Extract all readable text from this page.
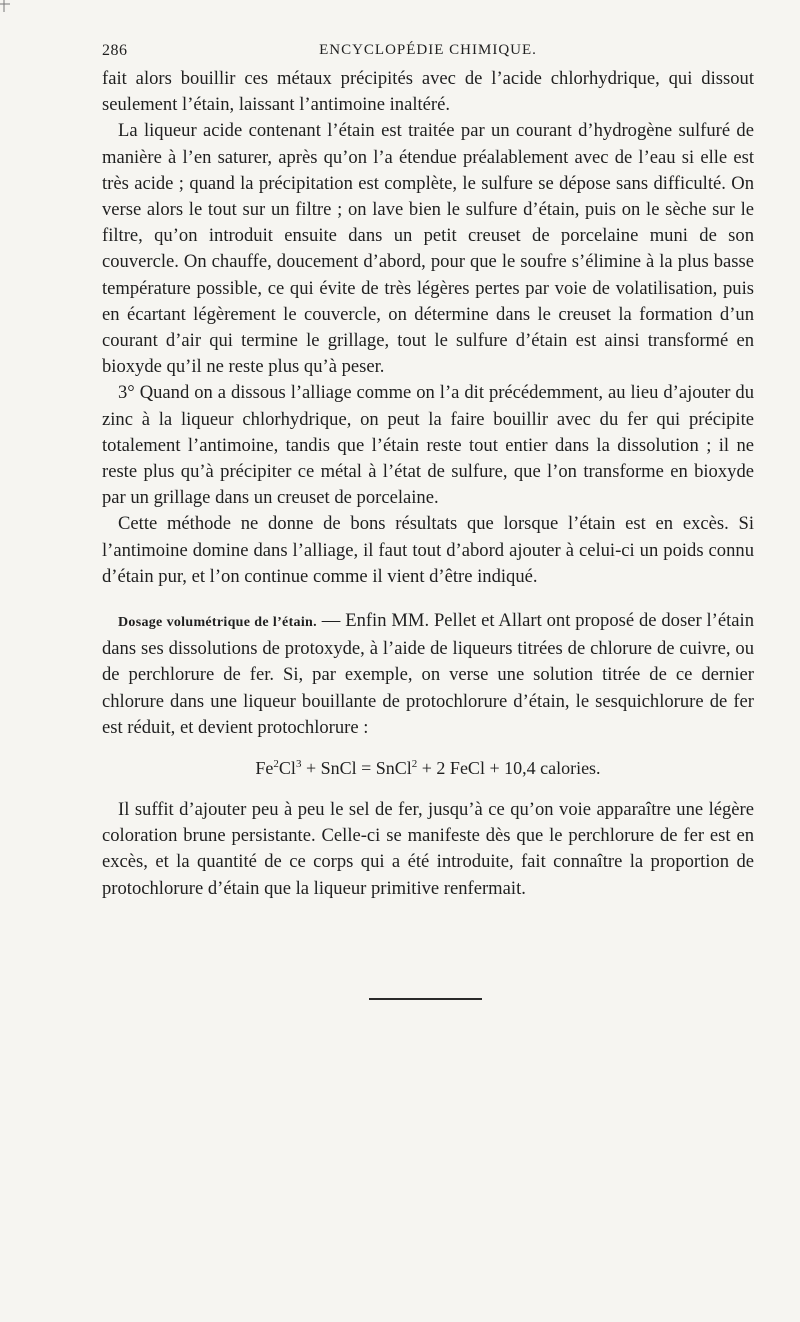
286	ENCYCLOPÉDIE CHIMIQUE.

fait alors bouillir ces métaux précipités avec de l’acide chlorhydrique, qui dissout seulement l’étain, laissant l’antimoine inaltéré.

La liqueur acide contenant l’étain est traitée par un courant d’hydrogène sulfuré de manière à l’en saturer, après qu’on l’a étendue préalablement avec de l’eau si elle est très acide ; quand la précipitation est complète, le sulfure se dépose sans difficulté. On verse alors le tout sur un filtre ; on lave bien le sulfure d’étain, puis on le sèche sur le filtre, qu’on introduit ensuite dans un petit creuset de porcelaine muni de son couvercle. On chauffe, doucement d’abord, pour que le soufre s’élimine à la plus basse température possible, ce qui évite de très légères pertes par voie de volatilisation, puis en écartant légèrement le couvercle, on détermine dans le creuset la formation d’un courant d’air qui termine le grillage, tout le sulfure d’étain est ainsi transformé en bioxyde qu’il ne reste plus qu’à peser.

3° Quand on a dissous l’alliage comme on l’a dit précédemment, au lieu d’ajouter du zinc à la liqueur chlorhydrique, on peut la faire bouillir avec du fer qui précipite totalement l’antimoine, tandis que l’étain reste tout entier dans la dissolution ; il ne reste plus qu’à précipiter ce métal à l’état de sulfure, que l’on transforme en bioxyde par un grillage dans un creuset de porcelaine.

Cette méthode ne donne de bons résultats que lorsque l’étain est en excès. Si l’antimoine domine dans l’alliage, il faut tout d’abord ajouter à celui-ci un poids connu d’étain pur, et l’on continue comme il vient d’être indiqué.

Dosage volumétrique de l’étain. — Enfin MM. Pellet et Allart ont proposé de doser l’étain dans ses dissolutions de protoxyde, à l’aide de liqueurs titrées de chlorure de cuivre, ou de perchlorure de fer. Si, par exemple, on verse une solution titrée de ce dernier chlorure dans une liqueur bouillante de protochlorure d’étain, le sesquichlorure de fer est réduit, et devient protochlorure :

$Fe^2Cl^3$ + SnCl = SnCl$^2$ + 2 FeCl + 10,4 calories.

Il suffit d’ajouter peu à peu le sel de fer, jusqu’à ce qu’on voie apparaître une légère coloration brune persistante. Celle-ci se manifeste dès que le perchlorure de fer est en excès, et la quantité de ce corps qui a été introduite, fait connaître la proportion de protochlorure d’étain que la liqueur primitive renfermait.
